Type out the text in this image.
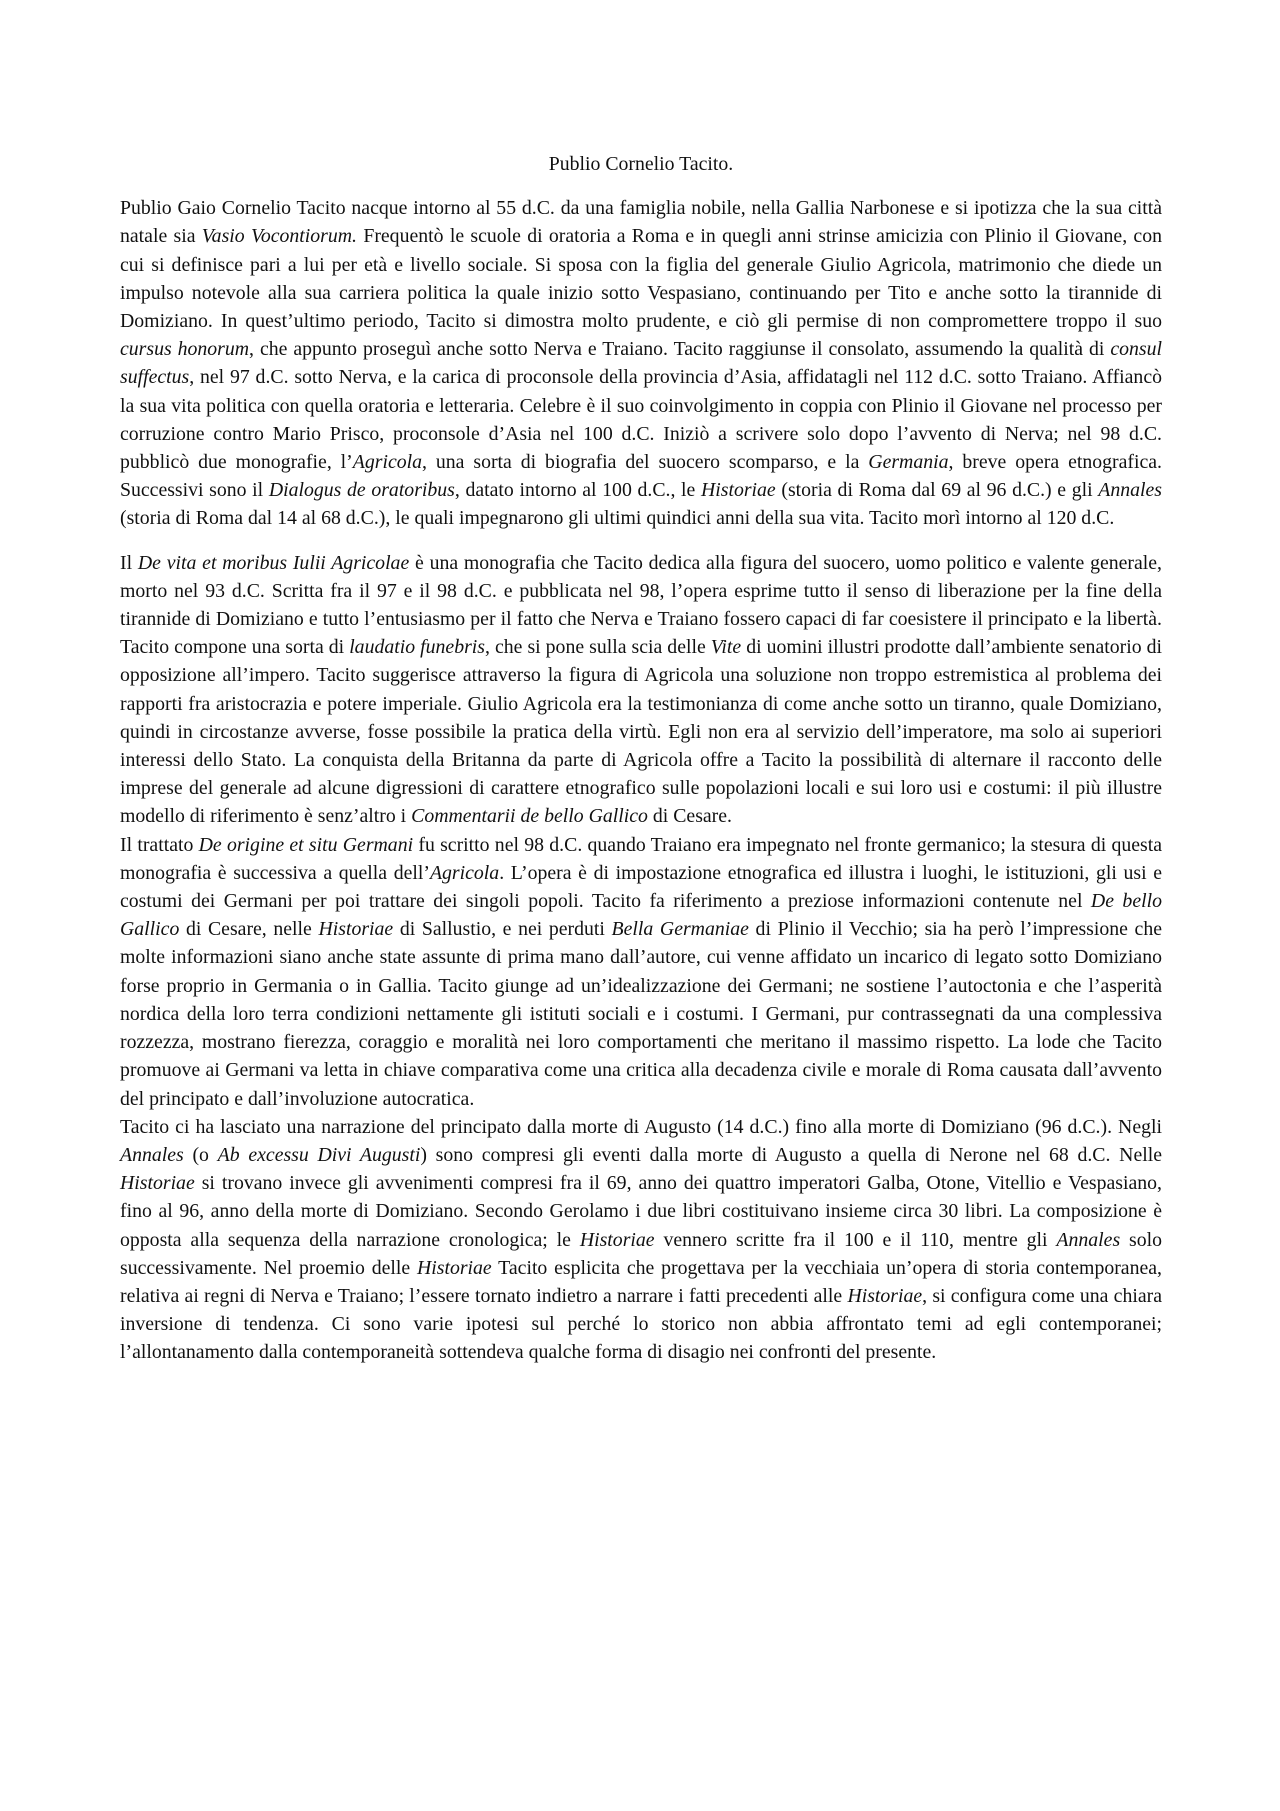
Publio Cornelio Tacito.

Publio Gaio Cornelio Tacito nacque intorno al 55 d.C. da una famiglia nobile, nella Gallia Narbonese e si ipotizza che la sua città natale sia Vasio Vocontiorum. Frequentò le scuole di oratoria a Roma e in quegli anni strinse amicizia con Plinio il Giovane, con cui si definisce pari a lui per età e livello sociale. Si sposa con la figlia del generale Giulio Agricola, matrimonio che diede un impulso notevole alla sua carriera politica la quale inizio sotto Vespasiano, continuando per Tito e anche sotto la tirannide di Domiziano. In quest’ultimo periodo, Tacito si dimostra molto prudente, e ciò gli permise di non compromettere troppo il suo cursus honorum, che appunto proseguì anche sotto Nerva e Traiano. Tacito raggiunse il consolato, assumendo la qualità di consul suffectus, nel 97 d.C. sotto Nerva, e la carica di proconsole della provincia d’Asia, affidatagli nel 112 d.C. sotto Traiano. Affiancò la sua vita politica con quella oratoria e letteraria. Celebre è il suo coinvolgimento in coppia con Plinio il Giovane nel processo per corruzione contro Mario Prisco, proconsole d’Asia nel 100 d.C. Iniziò a scrivere solo dopo l’avvento di Nerva; nel 98 d.C. pubblicò due monografie, l’Agricola, una sorta di biografia del suocero scomparso, e la Germania, breve opera etnografica. Successivi sono il Dialogus de oratoribus, datato intorno al 100 d.C., le Historiae (storia di Roma dal 69 al 96 d.C.) e gli Annales (storia di Roma dal 14 al 68 d.C.), le quali impegnarono gli ultimi quindici anni della sua vita. Tacito morì intorno al 120 d.C.

Il De vita et moribus Iulii Agricolae è una monografia che Tacito dedica alla figura del suocero, uomo politico e valente generale, morto nel 93 d.C. Scritta fra il 97 e il 98 d.C. e pubblicata nel 98, l’opera esprime tutto il senso di liberazione per la fine della tirannide di Domiziano e tutto l’entusiasmo per il fatto che Nerva e Traiano fossero capaci di far coesistere il principato e la libertà. Tacito compone una sorta di laudatio funebris, che si pone sulla scia delle Vite di uomini illustri prodotte dall’ambiente senatorio di opposizione all’impero. Tacito suggerisce attraverso la figura di Agricola una soluzione non troppo estremistica al problema dei rapporti fra aristocrazia e potere imperiale. Giulio Agricola era la testimonianza di come anche sotto un tiranno, quale Domiziano, quindi in circostanze avverse, fosse possibile la pratica della virtù. Egli non era al servizio dell’imperatore, ma solo ai superiori interessi dello Stato. La conquista della Britanna da parte di Agricola offre a Tacito la possibilità di alternare il racconto delle imprese del generale ad alcune digressioni di carattere etnografico sulle popolazioni locali e sui loro usi e costumi: il più illustre modello di riferimento è senz’altro i Commentarii de bello Gallico di Cesare.

Il trattato De origine et situ Germani fu scritto nel 98 d.C. quando Traiano era impegnato nel fronte germanico; la stesura di questa monografia è successiva a quella dell’Agricola. L’opera è di impostazione etnografica ed illustra i luoghi, le istituzioni, gli usi e costumi dei Germani per poi trattare dei singoli popoli. Tacito fa riferimento a preziose informazioni contenute nel De bello Gallico di Cesare, nelle Historiae di Sallustio, e nei perduti Bella Germaniae di Plinio il Vecchio; sia ha però l’impressione che molte informazioni siano anche state assunte di prima mano dall’autore, cui venne affidato un incarico di legato sotto Domiziano forse proprio in Germania o in Gallia. Tacito giunge ad un’idealizzazione dei Germani; ne sostiene l’autoctonia e che l’asperità nordica della loro terra condizioni nettamente gli istituti sociali e i costumi. I Germani, pur contrassegnati da una complessiva rozzezza, mostrano fierezza, coraggio e moralità nei loro comportamenti che meritano il massimo rispetto. La lode che Tacito promuove ai Germani va letta in chiave comparativa come una critica alla decadenza civile e morale di Roma causata dall’avvento del principato e dall’involuzione autocratica.

Tacito ci ha lasciato una narrazione del principato dalla morte di Augusto (14 d.C.) fino alla morte di Domiziano (96 d.C.). Negli Annales (o Ab excessu Divi Augusti) sono compresi gli eventi dalla morte di Augusto a quella di Nerone nel 68 d.C. Nelle Historiae si trovano invece gli avvenimenti compresi fra il 69, anno dei quattro imperatori Galba, Otone, Vitellio e Vespasiano, fino al 96, anno della morte di Domiziano. Secondo Gerolamo i due libri costituivano insieme circa 30 libri. La composizione è opposta alla sequenza della narrazione cronologica; le Historiae vennero scritte fra il 100 e il 110, mentre gli Annales solo successivamente. Nel proemio delle Historiae Tacito esplicita che progettava per la vecchiaia un’opera di storia contemporanea, relativa ai regni di Nerva e Traiano; l’essere tornato indietro a narrare i fatti precedenti alle Historiae, si configura come una chiara inversione di tendenza. Ci sono varie ipotesi sul perché lo storico non abbia affrontato temi ad egli contemporanei; l’allontanamento dalla contemporaneità sottendeva qualche forma di disagio nei confronti del presente.
